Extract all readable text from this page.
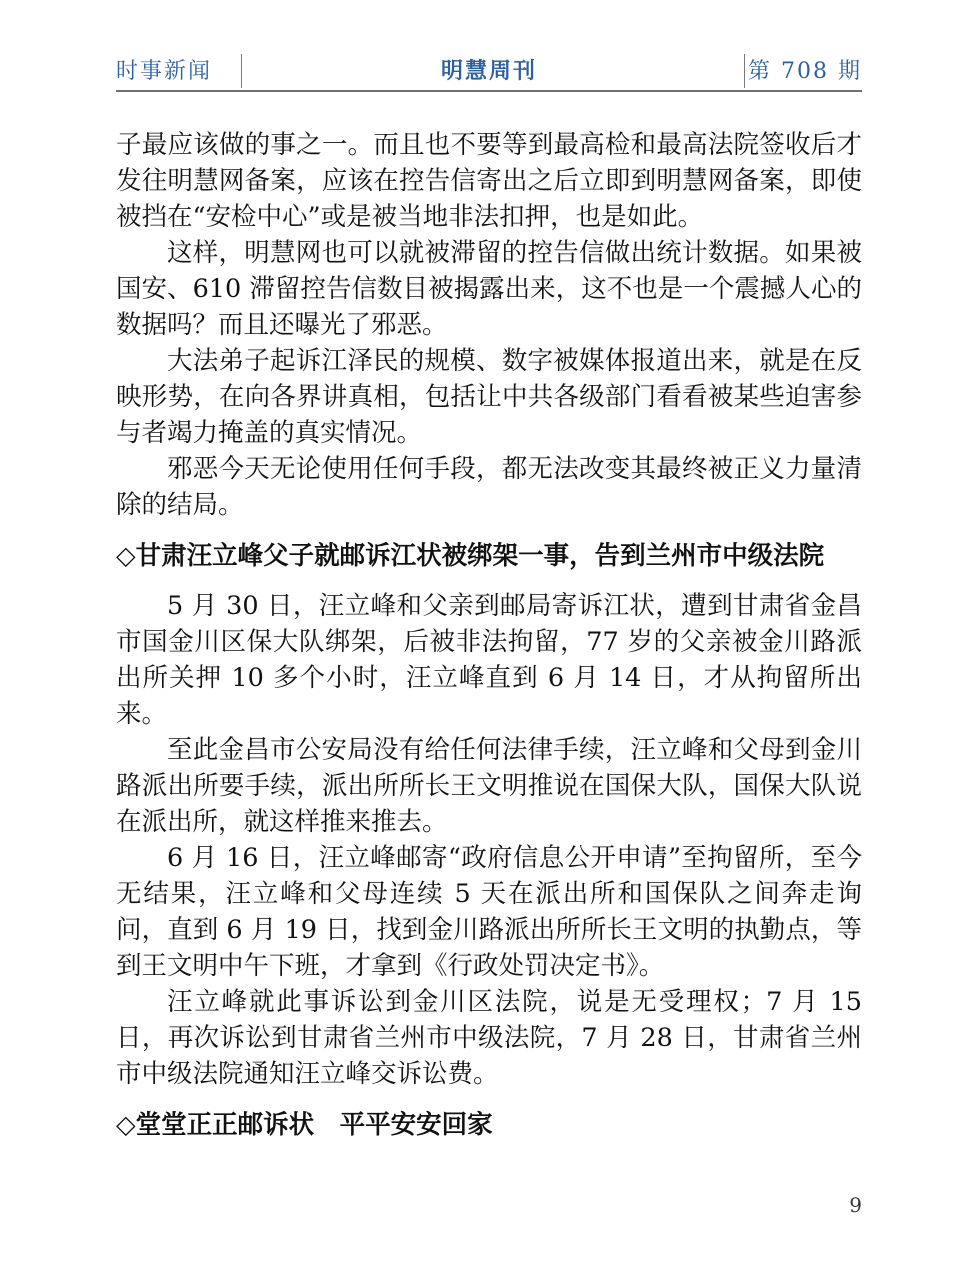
时事新闻	明慧周刊	第 708 期

子最应该做的事之一。而且也不要等到最高检和最高法院签收后才发往明慧网备案，应该在控告信寄出之后立即到明慧网备案，即使被挡在“安检中心”或是被当地非法扣押，也是如此。

这样，明慧网也可以就被滞留的控告信做出统计数据。如果被国安、610 滞留控告信数目被揭露出来，这不也是一个震撼人心的数据吗？而且还曝光了邪恶。

大法弟子起诉江泽民的规模、数字被媒体报道出来，就是在反映形势，在向各界讲真相，包括让中共各级部门看看被某些迫害参与者竭力掩盖的真实情况。

邪恶今天无论使用任何手段，都无法改变其最终被正义力量清除的结局。

◇甘肃汪立峰父子就邮诉江状被绑架一事，告到兰州市中级法院

5 月 30 日，汪立峰和父亲到邮局寄诉江状，遭到甘肃省金昌市国金川区保大队绑架，后被非法拘留，77 岁的父亲被金川路派出所关押 10 多个小时，汪立峰直到 6 月 14 日，才从拘留所出来。

至此金昌市公安局没有给任何法律手续，汪立峰和父母到金川路派出所要手续，派出所所长王文明推说在国保大队，国保大队说在派出所，就这样推来推去。

6 月 16 日，汪立峰邮寄“政府信息公开申请”至拘留所，至今无结果，汪立峰和父母连续 5 天在派出所和国保队之间奔走询问，直到 6 月 19 日，找到金川路派出所所长王文明的执勤点，等到王文明中午下班，才拿到《行政处罚决定书》。

汪立峰就此事诉讼到金川区法院，说是无受理权；7 月 15 日，再次诉讼到甘肃省兰州市中级法院，7 月 28 日，甘肃省兰州市中级法院通知汪立峰交诉讼费。

◇堂堂正正邮诉状　平平安安回家
9
